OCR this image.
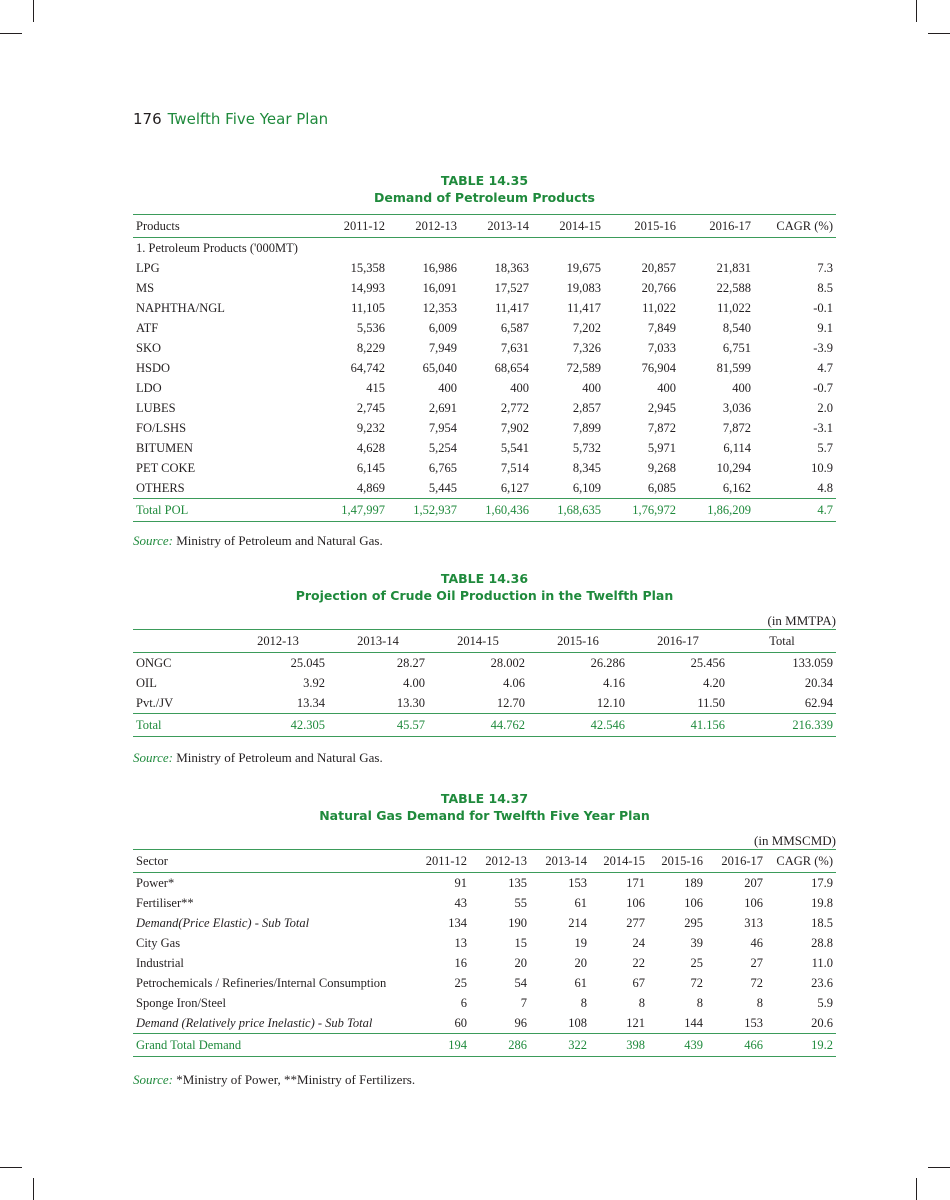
176 Twelfth Five Year Plan
TABLE 14.35
Demand of Petroleum Products
Products	2011-12	2012-13	2013-14	2014-15	2015-16	2016-17	CAGR (%)
1. Petroleum Products ('000MT)							
LPG	15,358	16,986	18,363	19,675	20,857	21,831	7.3
MS	14,993	16,091	17,527	19,083	20,766	22,588	8.5
NAPHTHA/NGL	11,105	12,353	11,417	11,417	11,022	11,022	-0.1
ATF	5,536	6,009	6,587	7,202	7,849	8,540	9.1
SKO	8,229	7,949	7,631	7,326	7,033	6,751	-3.9
HSDO	64,742	65,040	68,654	72,589	76,904	81,599	4.7
LDO	415	400	400	400	400	400	-0.7
LUBES	2,745	2,691	2,772	2,857	2,945	3,036	2.0
FO/LSHS	9,232	7,954	7,902	7,899	7,872	7,872	-3.1
BITUMEN	4,628	5,254	5,541	5,732	5,971	6,114	5.7
PET COKE	6,145	6,765	7,514	8,345	9,268	10,294	10.9
OTHERS	4,869	5,445	6,127	6,109	6,085	6,162	4.8
Total POL	1,47,997	1,52,937	1,60,436	1,68,635	1,76,972	1,86,209	4.7
Source: Ministry of Petroleum and Natural Gas.
TABLE 14.36
Projection of Crude Oil Production in the Twelfth Plan
(in MMTPA)
	2012-13	2013-14	2014-15	2015-16	2016-17	Total
ONGC	25.045	28.27	28.002	26.286	25.456	133.059
OIL	3.92	4.00	4.06	4.16	4.20	20.34
Pvt./JV	13.34	13.30	12.70	12.10	11.50	62.94
Total	42.305	45.57	44.762	42.546	41.156	216.339
Source: Ministry of Petroleum and Natural Gas.
TABLE 14.37
Natural Gas Demand for Twelfth Five Year Plan
(in MMSCMD)
Sector	2011-12	2012-13	2013-14	2014-15	2015-16	2016-17	CAGR (%)
Power*	91	135	153	171	189	207	17.9
Fertiliser**	43	55	61	106	106	106	19.8
Demand(Price Elastic) - Sub Total	134	190	214	277	295	313	18.5
City Gas	13	15	19	24	39	46	28.8
Industrial	16	20	20	22	25	27	11.0
Petrochemicals / Refineries/Internal Consumption	25	54	61	67	72	72	23.6
Sponge Iron/Steel	6	7	8	8	8	8	5.9
Demand (Relatively price Inelastic) - Sub Total	60	96	108	121	144	153	20.6
Grand Total Demand	194	286	322	398	439	466	19.2
Source: *Ministry of Power, **Ministry of Fertilizers.
